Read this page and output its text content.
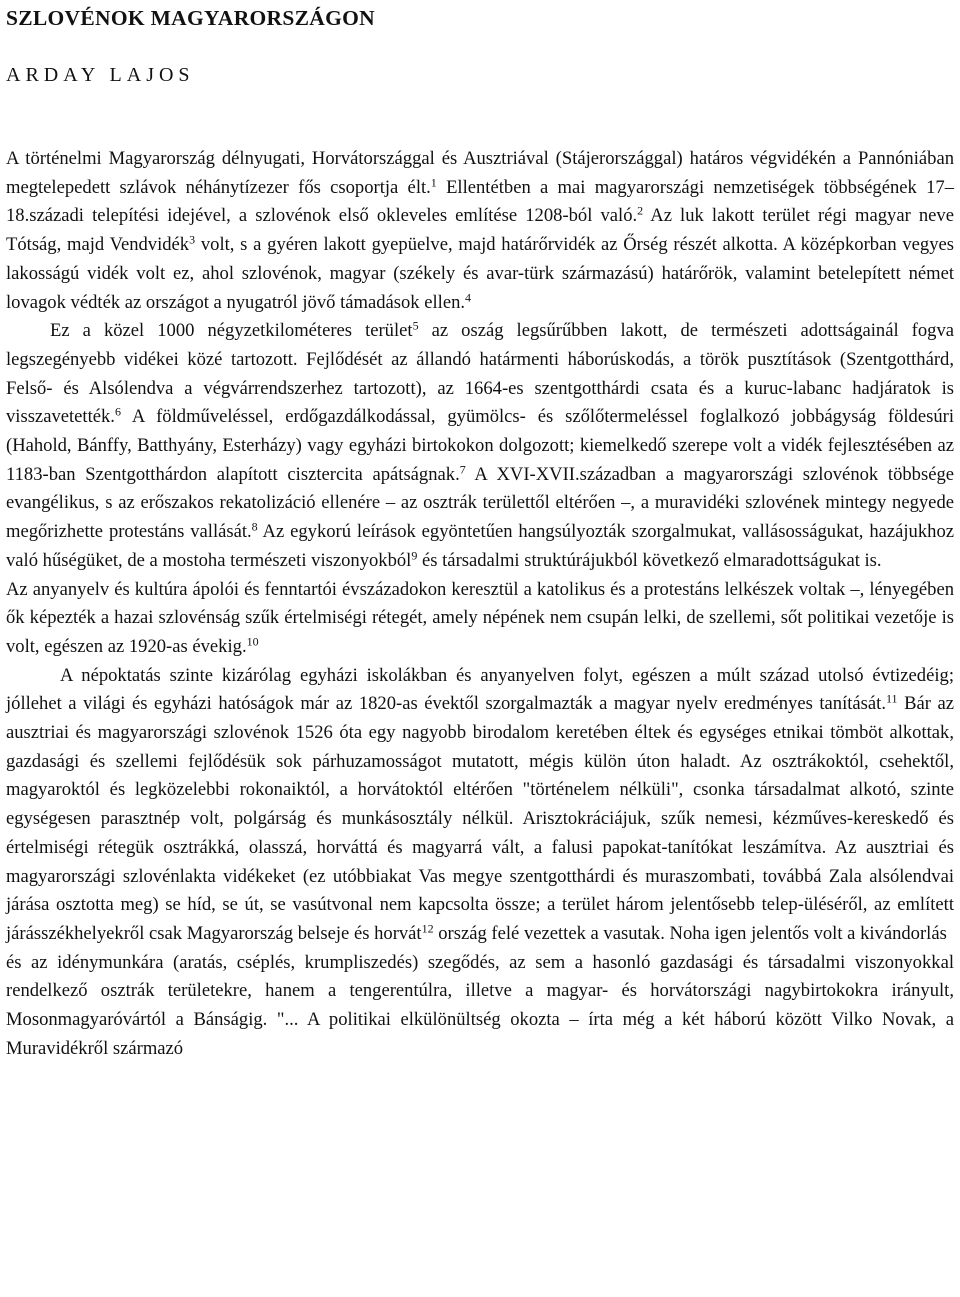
SZLOVÉNOK MAGYARORSZÁGON
ARDAY LAJOS

A történelmi Magyarország délnyugati, Horvátországgal és Ausztriával (Stájerországgal) határos végvidékén a Pannóniában megtelepedett szlávok néhánytízezer fős csoportja élt.$^1$ Ellentétben a mai magyarországi nemzetiségek többségének 17–18.századi telepítési idejével, a szlovénok első okleveles említése 1208-ból való.$^2$ Az luk lakott terület régi magyar neve Tótság, majd Vendvidék$^3$ volt, s a gyéren lakott gyepüelve, majd határőrvidék az Őrség részét alkotta. A középkorban vegyes lakosságú vidék volt ez, ahol szlovénok, magyar (székely és avar-türk származású) határőrök, valamint betelepített német lovagok védték az országot a nyugatról jövő támadások ellen.$^4$

Ez a közel 1000 négyzetkilométeres terület$^5$ az oszág legsűrűbben lakott, de természeti adottságainál fogva legszegényebb vidékei közé tartozott. Fejlődését az állandó határmenti háborúskodás, a török pusztítások (Szentgotthárd, Felső- és Alsólendva a végvárrendszerhez tartozott), az 1664-es szentgotthárdi csata és a kuruc-labanc hadjáratok is visszavetették.$^6$ A földműveléssel, erdőgazdálkodással, gyümölcs- és szőlőtermeléssel foglalkozó jobbágyság földesúri (Hahold, Bánffy, Batthyány, Esterházy) vagy egyházi birtokokon dolgozott; kiemelkedő szerepe volt a vidék fejlesztésében az 1183-ban Szentgotthárdon alapított cisztercita apátságnak.$^7$ A XVI-XVII.században a magyarországi szlovénok többsége evangélikus, s az erőszakos rekatolizáció ellenére – az osztrák területtől eltérően –, a muravidéki szlovének mintegy negyede megőrizhette protestáns vallását.$^8$ Az egykorú leírások egyöntetűen hangsúlyozták szorgalmukat, vallásosságukat, hazájukhoz való hűségüket, de a mostoha természeti viszonyokból$^9$ és társadalmi struktúrájukból következő elmaradottságukat is.

Az anyanyelv és kultúra ápolói és fenntartói évszázadokon keresztül a katolikus és a protestáns lelkészek voltak –, lényegében ők képezték a hazai szlovénság szűk értelmiségi rétegét, amely népének nem csupán lelki, de szellemi, sőt politikai vezetője is volt, egészen az 1920-as évekig.$^{10}$

A népoktatás szinte kizárólag egyházi iskolákban és anyanyelven folyt, egészen a múlt század utolsó évtizedéig; jóllehet a világi és egyházi hatóságok már az 1820-as évektől szorgalmazták a magyar nyelv eredményes tanítását.$^{11}$ Bár az ausztriai és magyarországi szlovénok 1526 óta egy nagyobb birodalom keretében éltek és egységes etnikai tömböt alkottak, gazdasági és szellemi fejlődésük sok párhuzamosságot mutatott, mégis külön úton haladt. Az osztrákoktól, csehektől, magyaroktól és legközelebbi rokonaiktól, a horvátoktól eltérően "történelem nélküli", csonka társadalmat alkotó, szinte egységesen parasztnép volt, polgárság és munkásosztály nélkül. Arisztokráciájuk, szűk nemesi, kézműves-kereskedő és értelmiségi rétegük osztrákká, olasszá, horváttá és magyarrá vált, a falusi papokat-tanítókat leszámítva. Az ausztriai és magyarországi szlovénlakta vidékeket (ez utóbbiakat Vas megye szentgotthárdi és muraszombati, továbbá Zala alsólendvai járása osztotta meg) se híd, se út, se vasútvonal nem kapcsolta össze; a terület három jelentősebb telep-üléséről, az említett járásszékhelyekről csak Magyarország belseje és horvát$^{12}$ ország felé vezettek a vasutak. Noha igen jelentős volt a kivándorlás

és az idénymunkára (aratás, cséplés, krumpliszedés) szegődés, az sem a hasonló gazdasági és társadalmi viszonyokkal rendelkező osztrák területekre, hanem a tengerentúlra, illetve a magyar- és horvátországi nagybirtokokra irányult, Mosonmagyaróvártól a Bánságig. "... A politikai elkülönültség okozta – írta még a két háború között Vilko Novak, a Muravidékről származó
